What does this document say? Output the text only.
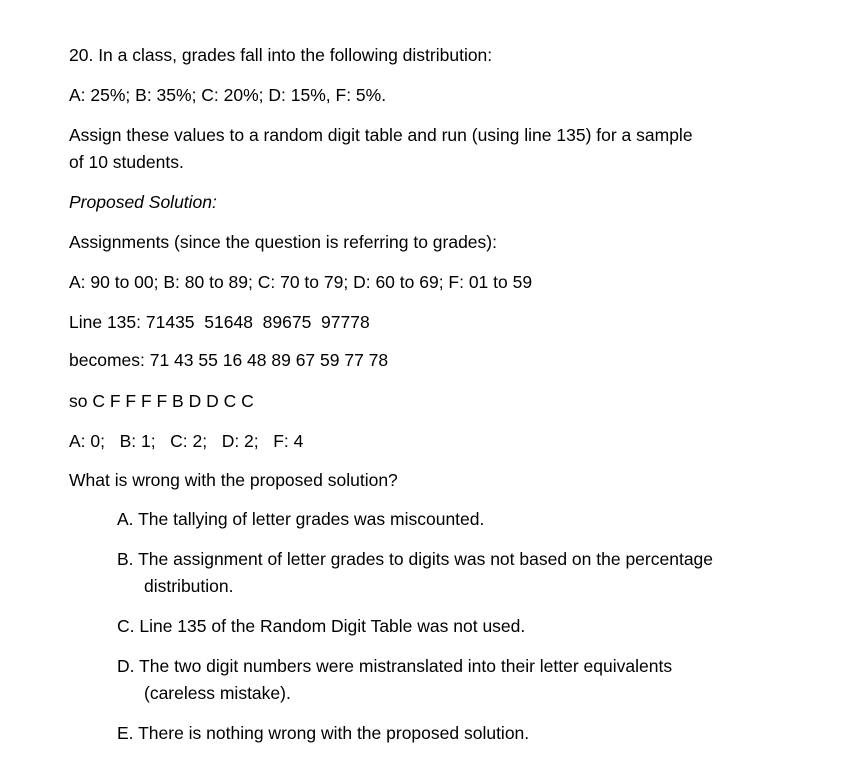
20. In a class, grades fall into the following distribution:
A: 25%; B: 35%; C: 20%; D: 15%, F: 5%.
Assign these values to a random digit table and run (using line 135) for a sample
of 10 students.
Proposed Solution:
Assignments (since the question is referring to grades):
A: 90 to 00; B: 80 to 89; C: 70 to 79; D: 60 to 69; F: 01 to 59
Line 135: 71435  51648  89675  97778
becomes: 71 43 55 16 48 89 67 59 77 78
so C F F F F B D D C C
A: 0;   B: 1;   C: 2;   D: 2;   F: 4
What is wrong with the proposed solution?
A. The tallying of letter grades was miscounted.
B. The assignment of letter grades to digits was not based on the percentage
distribution.
C. Line 135 of the Random Digit Table was not used.
D. The two digit numbers were mistranslated into their letter equivalents
(careless mistake).
E. There is nothing wrong with the proposed solution.
